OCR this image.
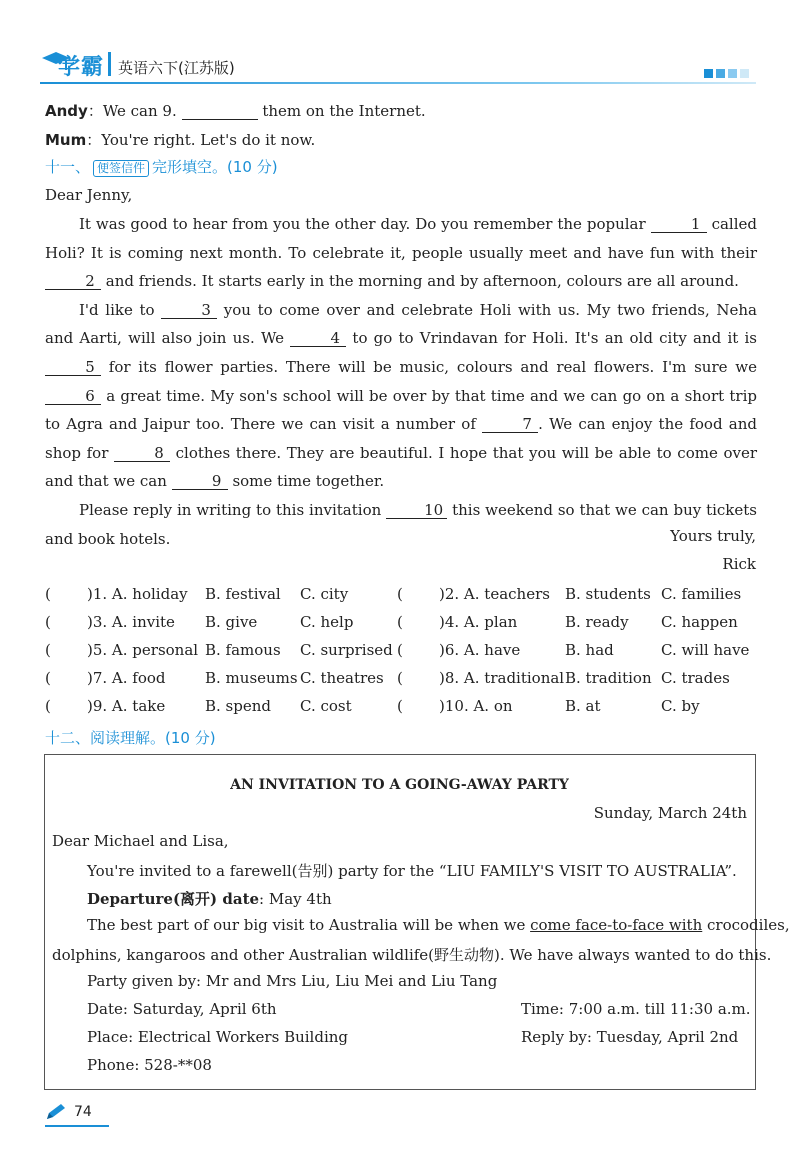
学霸 英语六下(江苏版)
Andy：We can 9.	them on the Internet.
Mum：You're right. Let's do it now.
十一、 便签信件 完形填空。(10 分)
Dear Jenny,

It was good to hear from you the other day. Do you remember the popular	1 called Holi? It is coming next month. To celebrate it, people usually meet and have fun with their 2 and friends. It starts early in the morning and by afternoon, colours are all around.

I'd like to	3 you to come over and celebrate Holi with us. My two friends, Neha and Aarti, will also join us. We	4 to go to Vrindavan for Holi. It's an old city and it is 5 for its flower parties. There will be music, colours and real flowers. I'm sure we 6 a great time. My son's school will be over by that time and we can go on a short trip to Agra and Jaipur too. There we can visit a number of	7 . We can enjoy the food and shop for	8 clothes there. They are beautiful. I hope that you will be able to come over and that we can	9 some time together.

Please reply in writing to this invitation	10 this weekend so that we can buy tickets and book hotels.	Yours truly,
Rick
( )1. A. holiday B. festival C. city	( )2. A. teachers B. students C. families
( )3. A. invite B. give	C. help	( )4. A. plan	B. ready C. happen
( )5. A. personal B. famous C. surprised ( )6. A. have	B. had	C. will have
( )7. A. food	B. museums C. theatres ( )8. A. traditional B. tradition C. trades
( )9. A. take	B. spend C. cost	( )10. A. on	B. at	C. by
十二、阅读理解。(10 分)
AN INVITATION TO A GOING-AWAY PARTY
Sunday, March 24th
Dear Michael and Lisa,
You're invited to a farewell(告别) party for the “LIU FAMILY'S VISIT TO AUSTRALIA”.
Departure(离开) date: May 4th
The best part of our big visit to Australia will be when we come face-to-face with crocodiles,
dolphins, kangaroos and other Australian wildlife(野生动物). We have always wanted to do this.
Party given by: Mr and Mrs Liu, Liu Mei and Liu Tang
Date: Saturday, April 6th	Time: 7:00 a.m. till 11:30 a.m.
Place: Electrical Workers Building	Reply by: Tuesday, April 2nd
Phone: 528-**08
74
